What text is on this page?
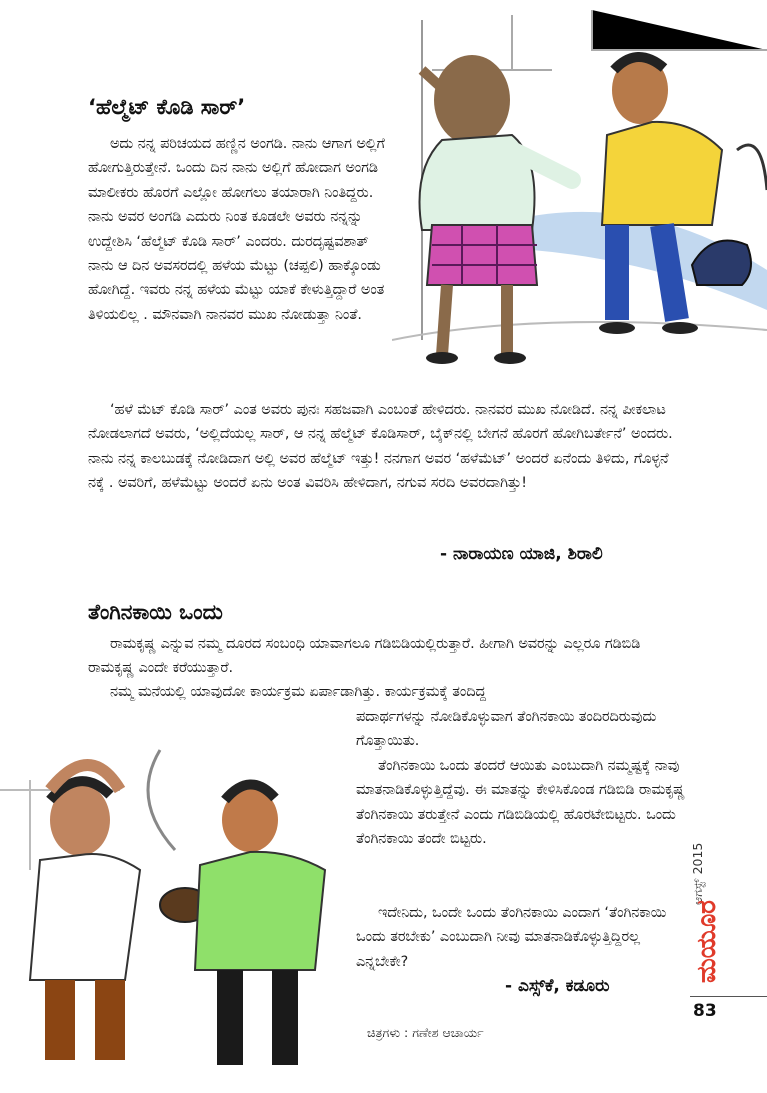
‘ಹೆಲ್ಮೆಟ್ ಕೊಡಿ ಸಾರ್’

ಅದು ನನ್ನ ಪರಿಚಯದ ಹಣ್ಣಿನ ಅಂಗಡಿ. ನಾನು ಆಗಾಗ ಅಲ್ಲಿಗೆ ಹೋಗುತ್ತಿರುತ್ತೇನೆ. ಒಂದು ದಿನ ನಾನು ಅಲ್ಲಿಗೆ ಹೋದಾಗ ಅಂಗಡಿ ಮಾಲೀಕರು ಹೊರಗೆ ಎಲ್ಲೋ ಹೋಗಲು ತಯಾರಾಗಿ ನಿಂತಿದ್ದರು. ನಾನು ಅವರ ಅಂಗಡಿ ಎದುರು ನಿಂತ ಕೂಡಲೇ ಅವರು ನನ್ನನ್ನು ಉದ್ದೇಶಿಸಿ ‘ಹೆಲ್ಮೆಟ್ ಕೊಡಿ ಸಾರ್’ ಎಂದರು. ದುರದೃಷ್ಟವಶಾತ್ ನಾನು ಆ ದಿನ ಅವಸರದಲ್ಲಿ ಹಳೆಯ ಮೆಟ್ಟು (ಚಪ್ಪಲಿ) ಹಾಕ್ಕೊಂಡು ಹೋಗಿದ್ದೆ. ಇವರು ನನ್ನ ಹಳೆಯ ಮೆಟ್ಟು ಯಾಕೆ ಕೇಳುತ್ತಿದ್ದಾರೆ ಅಂತ ತಿಳಿಯಲಿಲ್ಲ . ಮೌನವಾಗಿ ನಾನವರ ಮುಖ ನೋಡುತ್ತಾ ನಿಂತೆ.

‘ಹಳೆ ಮೆಟ್ ಕೊಡಿ ಸಾರ್’ ಎಂತ ಅವರು ಪುನಃ ಸಹಜವಾಗಿ ಎಂಬಂತೆ ಹೇಳಿದರು. ನಾನವರ ಮುಖ ನೋಡಿದೆ. ನನ್ನ ಪೀಕಲಾಟ ನೋಡಲಾಗದೆ ಅವರು, ‘ಅಲ್ಲಿದೆಯಲ್ಲ ಸಾರ್, ಆ ನನ್ನ ಹೆಲ್ಮೆಟ್ ಕೊಡಿಸಾರ್, ಬೈಕ್‌ನಲ್ಲಿ ಬೇಗನೆ ಹೊರಗೆ ಹೋಗಿಬರ್ತೇನೆ’ ಅಂದರು. ನಾನು ನನ್ನ ಕಾಲಬುಡಕ್ಕೆ ನೋಡಿದಾಗ ಅಲ್ಲಿ ಅವರ ಹೆಲ್ಮೆಟ್ ಇತ್ತು! ನನಗಾಗ ಅವರ ‘ಹಳೆಮೆಟ್’ ಅಂದರೆ ಏನೆಂದು ತಿಳಿದು, ಗೊಳ್ಳನೆ ನಕ್ಕೆ . ಅವರಿಗೆ, ಹಳೆಮೆಟ್ಟು ಅಂದರೆ ಏನು ಅಂತ ವಿವರಿಸಿ ಹೇಳಿದಾಗ, ನಗುವ ಸರದಿ ಅವರದಾಗಿತ್ತು!

- ನಾರಾಯಣ ಯಾಜಿ, ಶಿರಾಲಿ
ತೆಂಗಿನಕಾಯಿ ಒಂದು

ರಾಮಕೃಷ್ಣ ಎನ್ನುವ ನಮ್ಮ ದೂರದ ಸಂಬಂಧಿ ಯಾವಾಗಲೂ ಗಡಿಬಿಡಿಯಲ್ಲಿರುತ್ತಾರೆ. ಹೀಗಾಗಿ ಅವರನ್ನು ಎಲ್ಲರೂ ಗಡಿಬಿಡಿ ರಾಮಕೃಷ್ಣ ಎಂದೇ ಕರೆಯುತ್ತಾರೆ.

ನಮ್ಮ ಮನೆಯಲ್ಲಿ ಯಾವುದೋ ಕಾರ್ಯಕ್ರಮ ಏರ್ಪಾಡಾಗಿತ್ತು. ಕಾರ್ಯಕ್ರಮಕ್ಕೆ ತಂದಿದ್ದ

ಪದಾರ್ಥಗಳನ್ನು ನೋಡಿಕೊಳ್ಳುವಾಗ ತೆಂಗಿನಕಾಯಿ ತಂದಿರದಿರುವುದು ಗೊತ್ತಾಯಿತು.

ತೆಂಗಿನಕಾಯಿ ಒಂದು ತಂದರೆ ಆಯಿತು ಎಂಬುದಾಗಿ ನಮ್ಮಷ್ಟಕ್ಕೆ ನಾವು ಮಾತನಾಡಿಕೊಳ್ಳುತ್ತಿದ್ದೆವು. ಈ ಮಾತನ್ನು ಕೇಳಿಸಿಕೊಂಡ ಗಡಿಬಿಡಿ ರಾಮಕೃಷ್ಣ ತೆಂಗಿನಕಾಯಿ ತರುತ್ತೇನೆ ಎಂದು ಗಡಿಬಿಡಿಯಲ್ಲಿ ಹೊರಟೇಬಿಟ್ಟರು. ಒಂದು ತೆಂಗಿನಕಾಯಿ ತಂದೇ ಬಿಟ್ಟರು.

ಇದೇನಿದು, ಒಂದೇ ಒಂದು ತೆಂಗಿನಕಾಯಿ ಎಂದಾಗ ‘ತೆಂಗಿನಕಾಯಿ ಒಂದು ತರಬೇಕು’ ಎಂಬುದಾಗಿ ನೀವು ಮಾತನಾಡಿಕೊಳ್ಳುತ್ತಿದ್ದಿರಲ್ಲ ಎನ್ನಬೇಕೇ?

- ಎಸ್ಸ್‌ಕೆ, ಕಡೂರು
ಚಿತ್ರಗಳು : ಗಣೇಶ ಆಚಾರ್ಯ
83
ಆಗಸ್ಟ್ 2015
ಮಯೂರ
